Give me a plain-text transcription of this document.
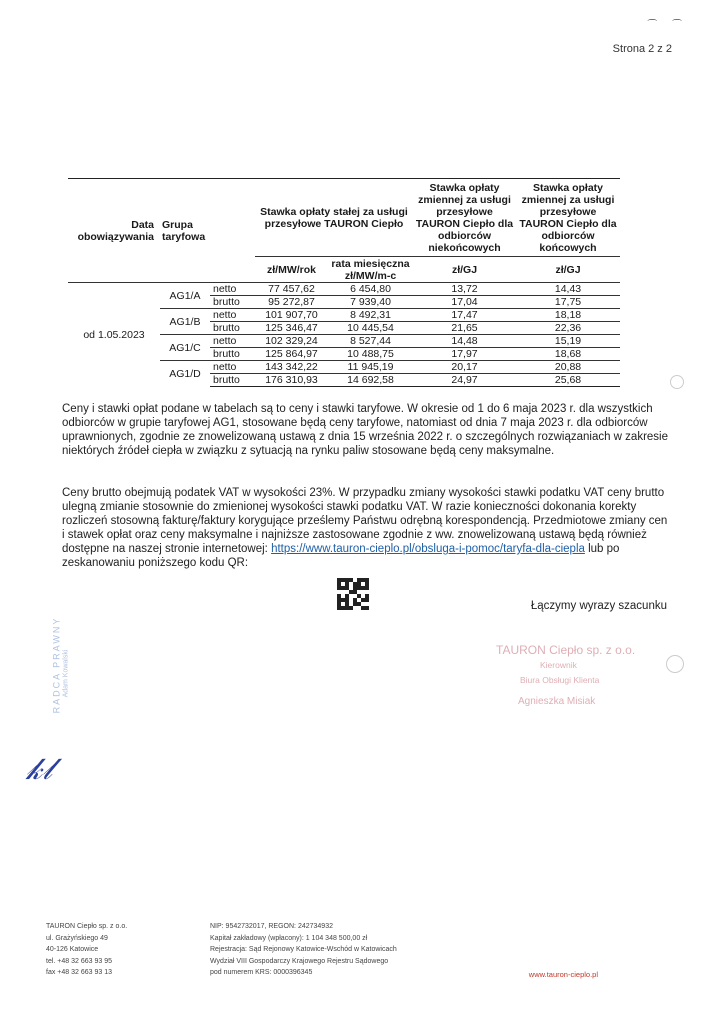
⌒ ⌒
Strona 2 z 2
Data obowiązywania	Grupa taryfowa		Stawka opłaty stałej za usługi przesyłowe TAURON Ciepło		Stawka opłaty zmiennej za usługi przesyłowe TAURON Ciepło dla odbiorców niekońcowych	Stawka opłaty zmiennej za usługi przesyłowe TAURON Ciepło dla odbiorców końcowych
			zł/MW/rok	rata miesięczna zł/MW/m-c	zł/GJ	zł/GJ
od 1.05.2023	AG1/A	netto	77 457,62	6 454,80	13,72	14,43
		brutto	95 272,87	7 939,40	17,04	17,75
	AG1/B	netto	101 907,70	8 492,31	17,47	18,18
		brutto	125 346,47	10 445,54	21,65	22,36
	AG1/C	netto	102 329,24	8 527,44	14,48	15,19
		brutto	125 864,97	10 488,75	17,97	18,68
	AG1/D	netto	143 342,22	11 945,19	20,17	20,88
		brutto	176 310,93	14 692,58	24,97	25,68

Ceny i stawki opłat podane w tabelach są to ceny i stawki taryfowe. W okresie od 1 do 6 maja 2023 r. dla wszystkich odbiorców w grupie taryfowej AG1, stosowane będą ceny taryfowe, natomiast od dnia 7 maja 2023 r. dla odbiorców uprawnionych, zgodnie ze znowelizowaną ustawą z dnia 15 września 2022 r. o szczególnych rozwiązaniach w zakresie niektórych źródeł ciepła w związku z sytuacją na rynku paliw stosowane będą ceny maksymalne.

Ceny brutto obejmują podatek VAT w wysokości 23%. W przypadku zmiany wysokości stawki podatku VAT ceny brutto ulegną zmianie stosownie do zmienionej wysokości stawki podatku VAT. W razie konieczności dokonania korekty rozliczeń stosowną fakturę/faktury korygujące prześlemy Państwu odrębną korespondencją. Przedmiotowe zmiany cen i stawek opłat oraz ceny maksymalne i najniższe zastosowane zgodnie z ww. znowelizowaną ustawą będą również dostępne na naszej stronie internetowej: https://www.tauron-cieplo.pl/obsluga-i-pomoc/taryfa-dla-ciepla lub po zeskanowaniu poniższego kodu QR:

Łączymy wyrazy szacunku
TAURON Ciepło sp. z o.o.
Kierownik
Biura Obsługi Klienta
Agnieszka Misiak
RADCA PRAWNY Adam Kowalski
𝓀𝓁
TAURON Ciepło sp. z o.o.
ul. Grażyńskiego 49
40-126 Katowice
tel. +48 32 663 93 95
fax +48 32 663 93 13
NIP: 9542732017, REGON: 242734932
Kapitał zakładowy (wpłacony): 1 104 348 500,00 zł
Rejestracja: Sąd Rejonowy Katowice-Wschód w Katowicach
Wydział VIII Gospodarczy Krajowego Rejestru Sądowego
pod numerem KRS: 0000396345	www.tauron-cieplo.pl
